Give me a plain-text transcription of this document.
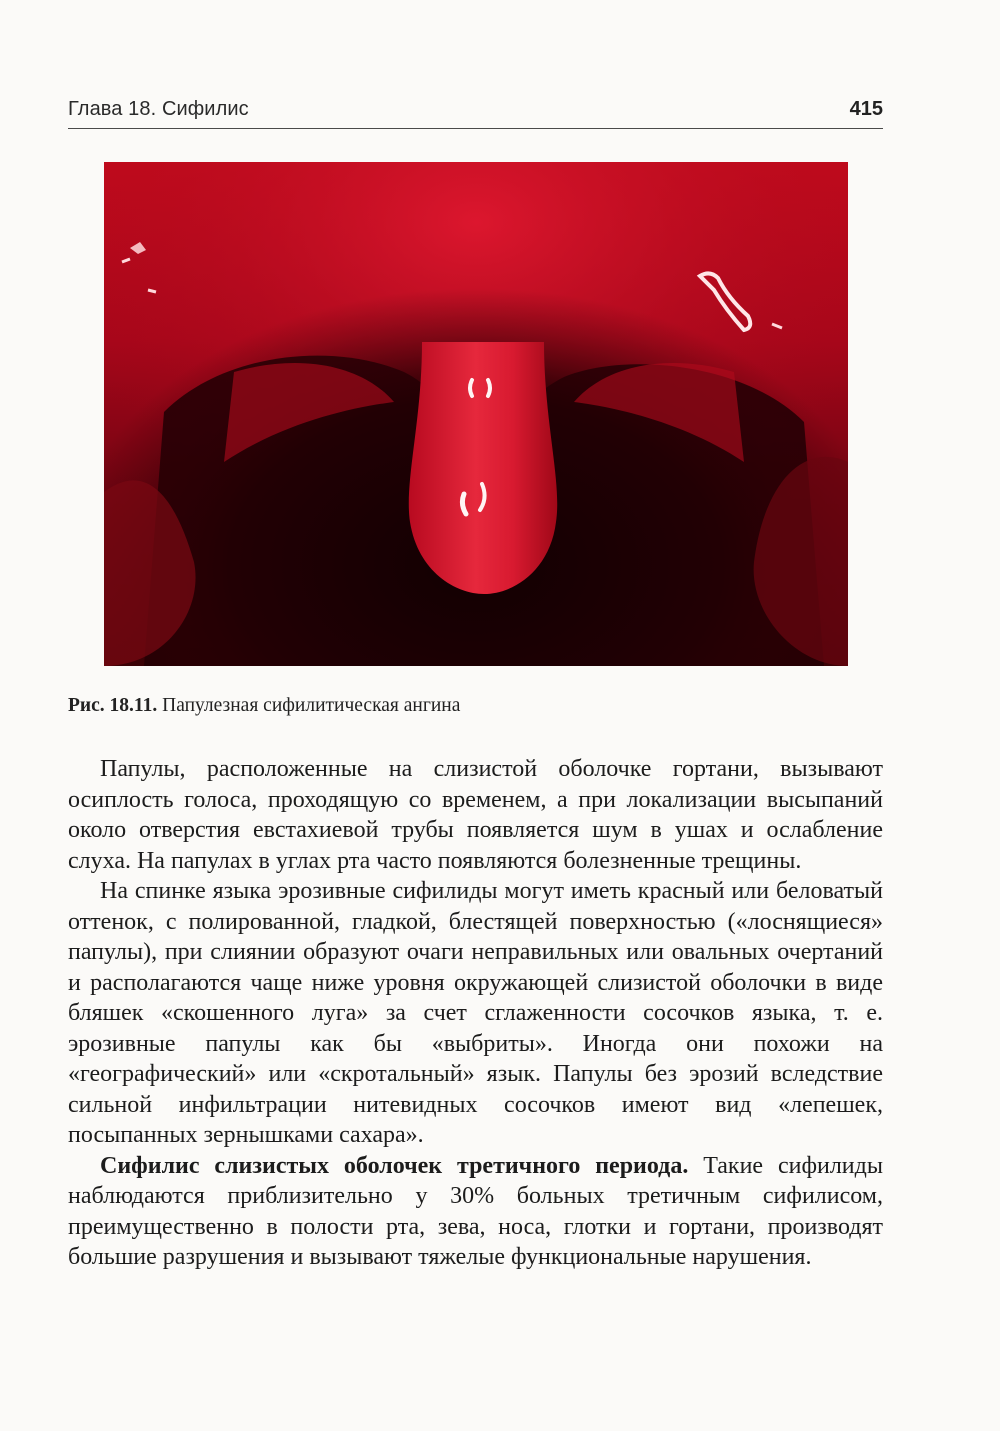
Глава 18. Сифилис	415
Рис. 18.11. Папулезная сифилитическая ангина

Папулы, расположенные на слизистой оболочке гортани, вызывают осиплость голоса, проходящую со временем, а при локализации высыпаний около отверстия евстахиевой трубы появляется шум в ушах и ослабление слуха. На папулах в углах рта часто появляются болезненные трещины.

На спинке языка эрозивные сифилиды могут иметь красный или беловатый оттенок, с полированной, гладкой, блестящей поверхностью («лоснящиеся» папулы), при слиянии образуют очаги неправильных или овальных очертаний и располагаются чаще ниже уровня окружающей слизистой оболочки в виде бляшек «скошенного луга» за счет сглаженности сосочков языка, т. е. эрозивные папулы как бы «выбриты». Иногда они похожи на «географический» или «скротальный» язык. Папулы без эрозий вследствие сильной инфильтрации нитевидных сосочков имеют вид «лепешек, посыпанных зернышками сахара».

Сифилис слизистых оболочек третичного периода. Такие сифилиды наблюдаются приблизительно у 30% больных третичным сифилисом, преимущественно в полости рта, зева, носа, глотки и гортани, производят большие разрушения и вызывают тяжелые функциональные нарушения.
